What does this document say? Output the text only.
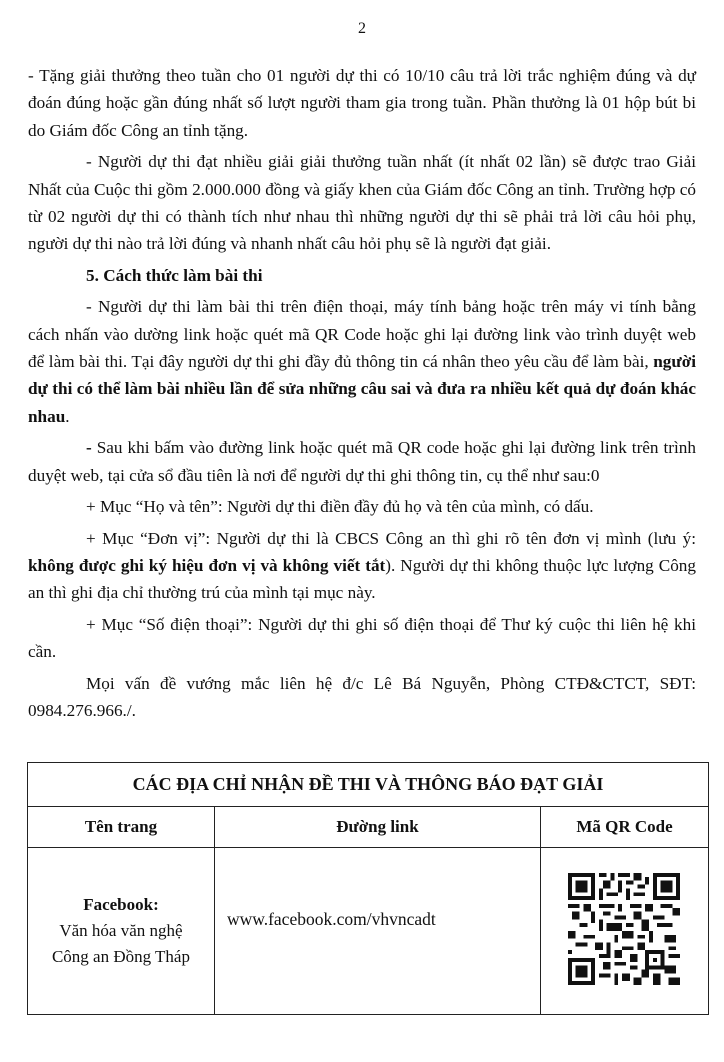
2

- Tặng giải thưởng theo tuần cho 01 người dự thi có 10/10 câu trả lời trắc nghiệm đúng và dự đoán đúng hoặc gần đúng nhất số lượt người tham gia trong tuần. Phần thưởng là 01 hộp bút bi do Giám đốc Công an tỉnh tặng.

- Người dự thi đạt nhiều giải giải thưởng tuần nhất (ít nhất 02 lần) sẽ được trao Giải Nhất của Cuộc thi gồm 2.000.000 đồng và giấy khen của Giám đốc Công an tỉnh. Trường hợp có từ 02 người dự thi có thành tích như nhau thì những người dự thi sẽ phải trả lời câu hỏi phụ, người dự thi nào trả lời đúng và nhanh nhất câu hỏi phụ sẽ là người đạt giải.

5. Cách thức làm bài thi

- Người dự thi làm bài thi trên điện thoại, máy tính bảng hoặc trên máy vi tính bằng cách nhấn vào dường link hoặc quét mã QR Code hoặc ghi lại đường link vào trình duyệt web để làm bài thi. Tại đây người dự thi ghi đầy đủ thông tin cá nhân theo yêu cầu để làm bài, người dự thi có thể làm bài nhiều lần để sửa những câu sai và đưa ra nhiều kết quả dự đoán khác nhau.

- Sau khi bấm vào đường link hoặc quét mã QR code hoặc ghi lại đường link trên trình duyệt web, tại cửa sổ đầu tiên là nơi để người dự thi ghi thông tin, cụ thể như sau:0

+ Mục “Họ và tên”: Người dự thi điền đầy đủ họ và tên của mình, có dấu.

+ Mục “Đơn vị”: Người dự thi là CBCS Công an thì ghi rõ tên đơn vị mình (lưu ý: không được ghi ký hiệu đơn vị và không viết tắt). Người dự thi không thuộc lực lượng Công an thì ghi địa chỉ thường trú của mình tại mục này.

+ Mục “Số điện thoại”: Người dự thi ghi số điện thoại để Thư ký cuộc thi liên hệ khi cần.

Mọi vấn đề vướng mắc liên hệ đ/c Lê Bá Nguyễn, Phòng CTĐ&CTCT, SĐT: 0984.276.966./.

CÁC ĐỊA CHỈ NHẬN ĐỀ THI VÀ THÔNG BÁO ĐẠT GIẢI		
Tên trang	Đường link	Mã QR Code

Facebook:
Văn hóa văn nghệ
Công an Đồng Tháp	www.facebook.com/vhvncadt	
